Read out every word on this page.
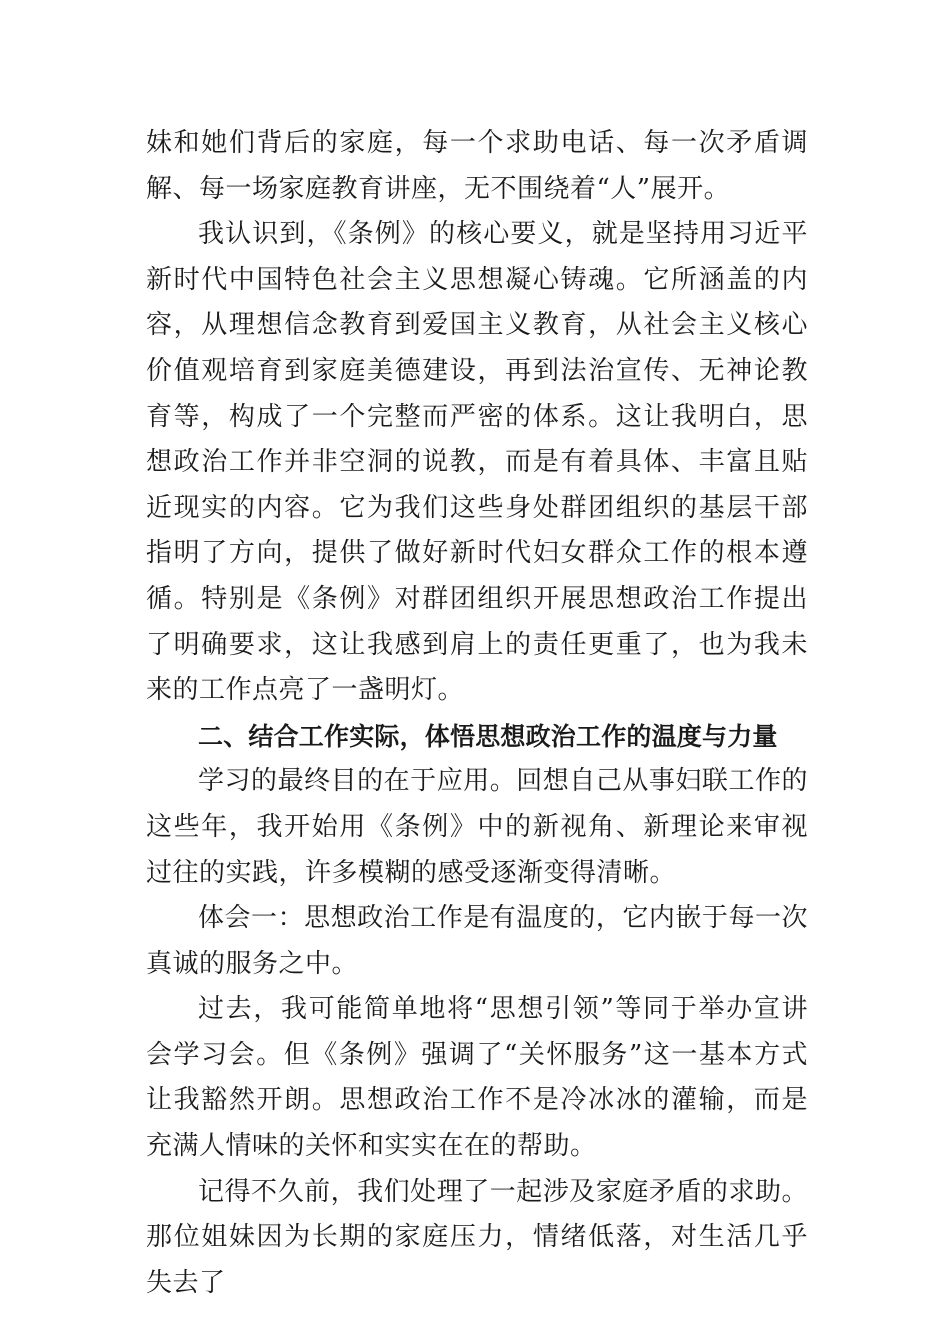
妹和她们背后的家庭，每一个求助电话、每一次矛盾调解、每一场家庭教育讲座，无不围绕着“人”展开。

我认识到，《条例》的核心要义，就是坚持用习近平新时代中国特色社会主义思想凝心铸魂。它所涵盖的内容，从理想信念教育到爱国主义教育，从社会主义核心价值观培育到家庭美德建设，再到法治宣传、无神论教育等，构成了一个完整而严密的体系。这让我明白，思想政治工作并非空洞的说教，而是有着具体、丰富且贴近现实的内容。它为我们这些身处群团组织的基层干部指明了方向，提供了做好新时代妇女群众工作的根本遵循。特别是《条例》对群团组织开展思想政治工作提出了明确要求，这让我感到肩上的责任更重了，也为我未来的工作点亮了一盏明灯。

二、结合工作实际，体悟思想政治工作的温度与力量

学习的最终目的在于应用。回想自己从事妇联工作的这些年，我开始用《条例》中的新视角、新理论来审视过往的实践，许多模糊的感受逐渐变得清晰。

体会一：思想政治工作是有温度的，它内嵌于每一次真诚的服务之中。

过去，我可能简单地将“思想引领”等同于举办宣讲会学习会。但《条例》强调了“关怀服务”这一基本方式让我豁然开朗。思想政治工作不是冷冰冰的灌输，而是充满人情味的关怀和实实在在的帮助。

记得不久前，我们处理了一起涉及家庭矛盾的求助。那位姐妹因为长期的家庭压力，情绪低落，对生活几乎失去了
